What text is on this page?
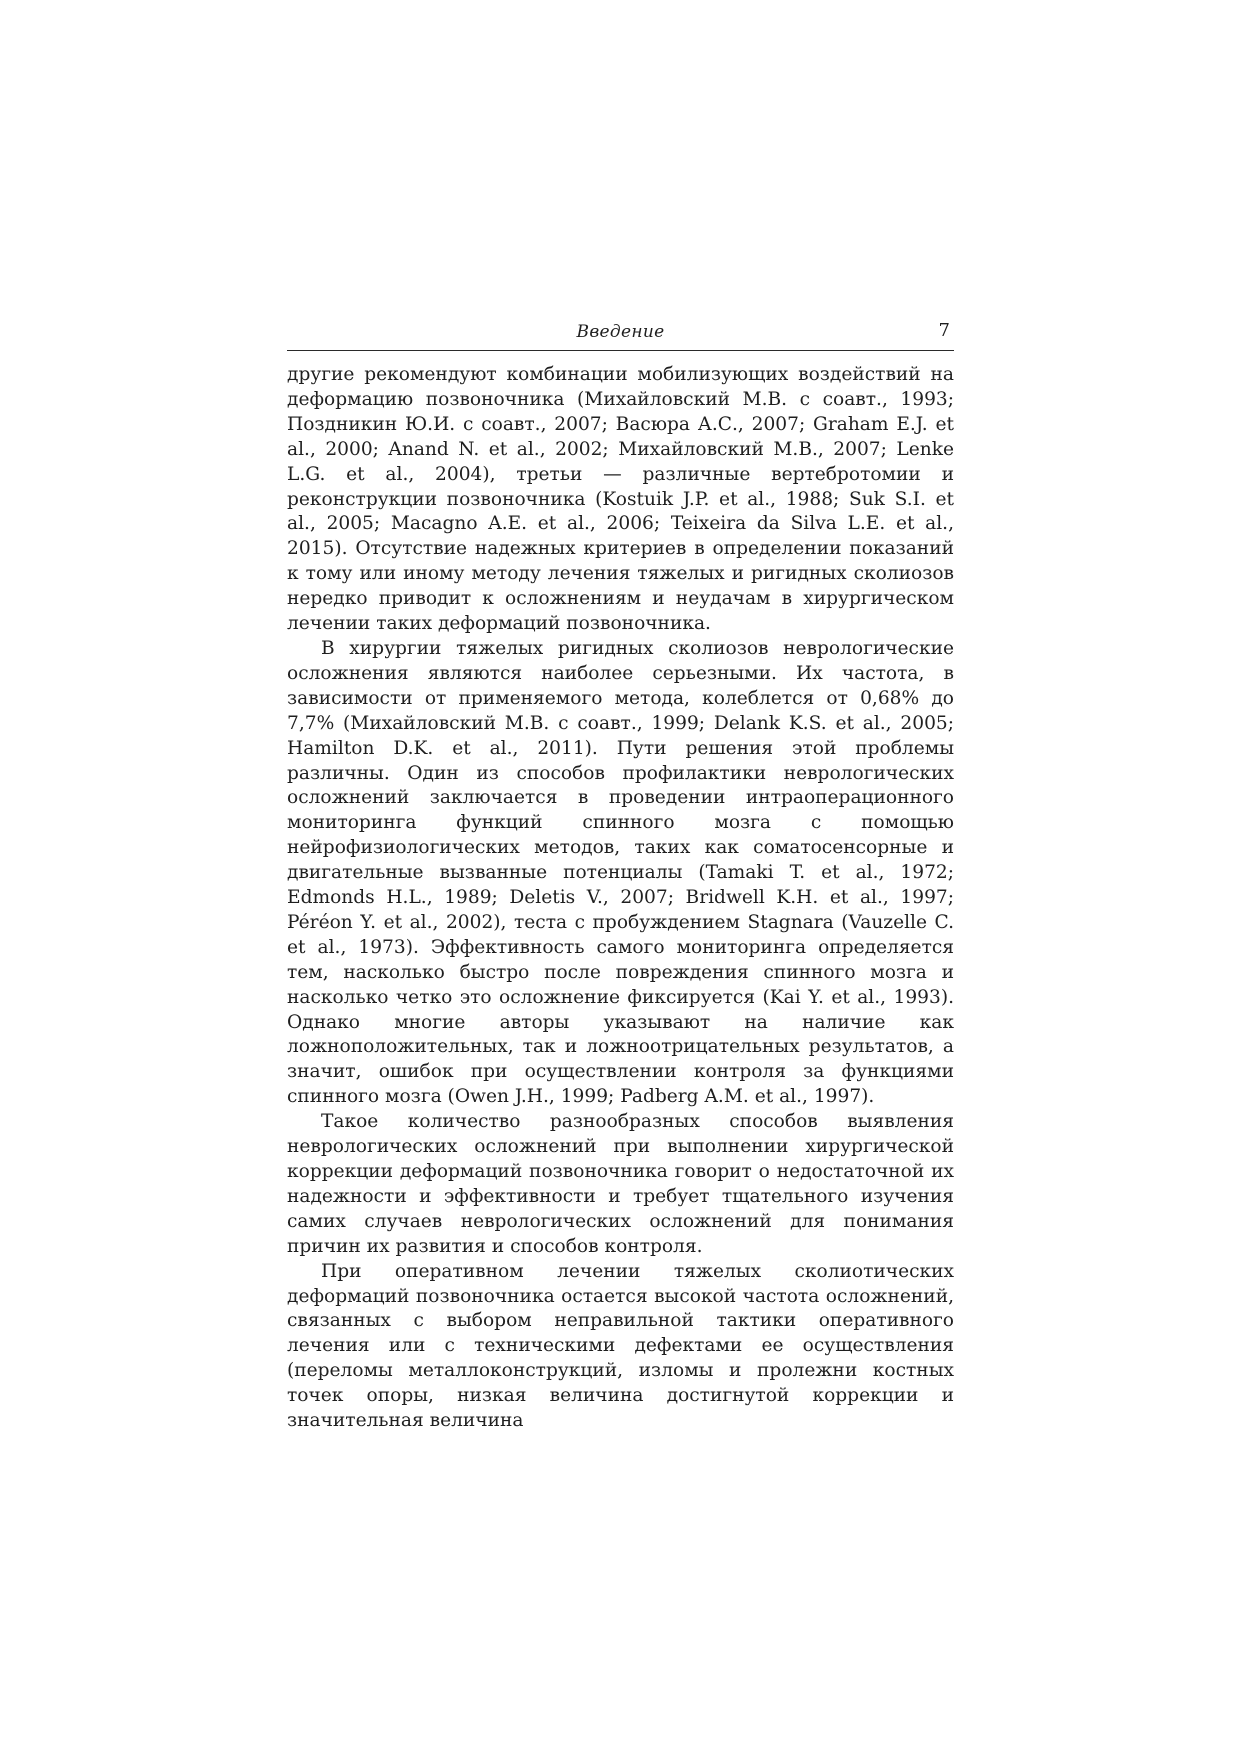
Введение	7

другие рекомендуют комбинации мобилизующих воздействий на деформацию позвоночника (Михайловский М.В. с соавт., 1993; Поздникин Ю.И. с соавт., 2007; Васюра А.С., 2007; Graham E.J. et al., 2000; Anand N. et al., 2002; Михайловский М.В., 2007; Lenke L.G. et al., 2004), третьи — различные вертебротомии и реконструкции позвоночника (Kostuik J.P. et al., 1988; Suk S.I. et al., 2005; Macagno A.E. et al., 2006; Teixeira da Silva L.E. et al., 2015). Отсутствие надежных критериев в определении показаний к тому или иному методу лечения тяжелых и ригидных сколиозов нередко приводит к осложнениям и неудачам в хирургическом лечении таких деформаций позвоночника.

В хирургии тяжелых ригидных сколиозов неврологические осложнения являются наиболее серьезными. Их частота, в зависимости от применяемого метода, колеблется от 0,68% до 7,7% (Михайловский М.В. с соавт., 1999; Delank K.S. et al., 2005; Hamilton D.K. et al., 2011). Пути решения этой проблемы различны. Один из способов профилактики неврологических осложнений заключается в проведении интраоперационного мониторинга функций спинного мозга с помощью нейрофизиологических методов, таких как соматосенсорные и двигательные вызванные потенциалы (Tamaki T. et al., 1972; Edmonds H.L., 1989; Deletis V., 2007; Bridwell K.H. et al., 1997; Péréon Y. et al., 2002), теста с пробуждением Stagnara (Vauzelle C. et al., 1973). Эффективность самого мониторинга определяется тем, насколько быстро после повреждения спинного мозга и насколько четко это осложнение фиксируется (Kai Y. et al., 1993). Однако многие авторы указывают на наличие как ложноположительных, так и ложноотрицательных результатов, а значит, ошибок при осуществлении контроля за функциями спинного мозга (Owen J.H., 1999; Padberg A.M. et al., 1997).

Такое количество разнообразных способов выявления неврологических осложнений при выполнении хирургической коррекции деформаций позвоночника говорит о недостаточной их надежности и эффективности и требует тщательного изучения самих случаев неврологических осложнений для понимания причин их развития и способов контроля.

При оперативном лечении тяжелых сколиотических деформаций позвоночника остается высокой частота осложнений, связанных с выбором неправильной тактики оперативного лечения или с техническими дефектами ее осуществления (переломы металлоконструкций, изломы и пролежни костных точек опоры, низкая величина достигнутой коррекции и значительная величина
